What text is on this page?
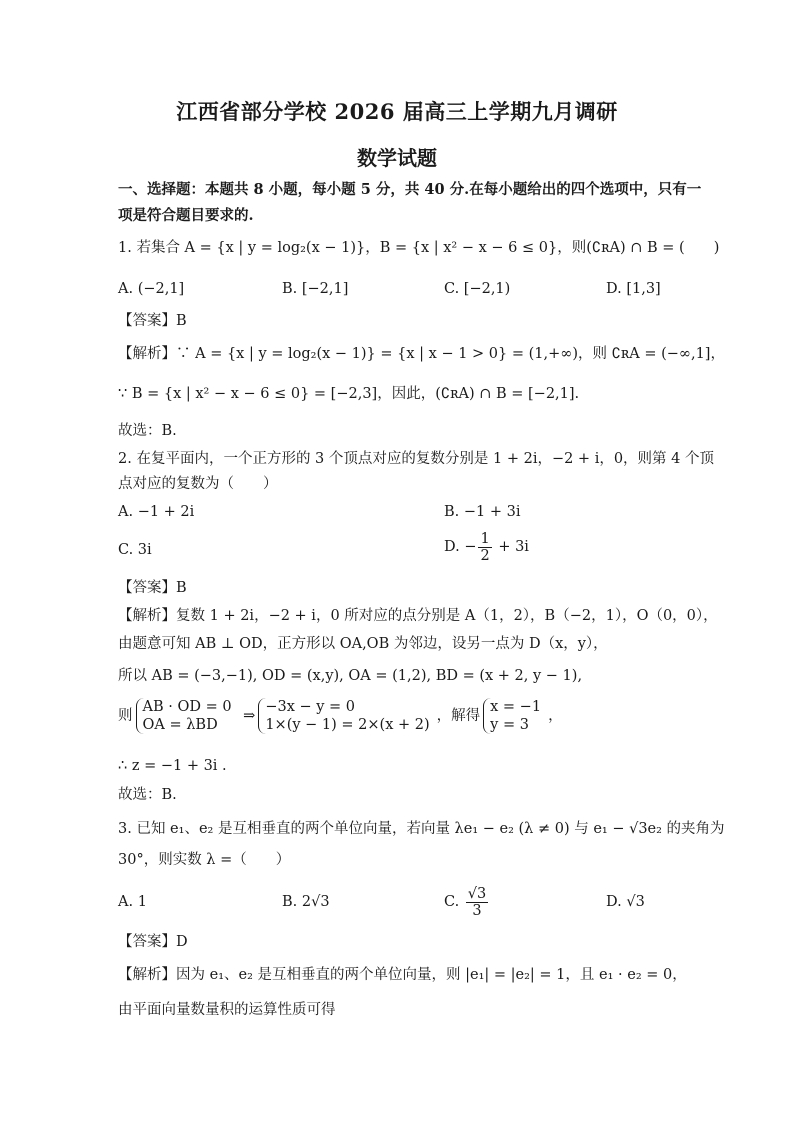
江西省部分学校 2026 届高三上学期九月调研
数学试题
一、选择题：本题共 8 小题，每小题 5 分，共 40 分.在每小题给出的四个选项中，只有一
项是符合题目要求的.
1. 若集合 A = {x | y = log₂(x − 1)}，B = {x | x² − x − 6 ≤ 0}，则(∁ʀA) ∩ B = (　　)
A. (−2,1]	B. [−2,1]	C. [−2,1)	D. [1,3]
【答案】B
【解析】∵ A = {x | y = log₂(x − 1)} = {x | x − 1 > 0} = (1,+∞)，则 ∁ʀA = (−∞,1]，
∵ B = {x | x² − x − 6 ≤ 0} = [−2,3]，因此，(∁ʀA) ∩ B = [−2,1].
故选：B.
2. 在复平面内，一个正方形的 3 个顶点对应的复数分别是 1 + 2i，−2 + i，0，则第 4 个顶
点对应的复数为（　　）
A. −1 + 2i	B. −1 + 3i
C. 3i	D. − $\frac{1}{2} + 3i$
【答案】B
【解析】复数 1 + 2i，−2 + i，0 所对应的点分别是 A（1，2），B（−2，1），O（0，0），
由题意可知 AB ⊥ OD，正方形以 OA,OB 为邻边，设另一点为 D（x，y），
所以 AB = (−3,−1), OD = (x,y), OA = (1,2), BD = (x + 2, y − 1),
则
AB · OD = 0
OA = λBD
⇒
−3x − y = 0
1×(y − 1) = 2×(x + 2)
，解得
x = −1
y = 3
，
∴ z = −1 + 3i .
故选：B.
3. 已知 e₁、e₂ 是互相垂直的两个单位向量，若向量 λe₁ − e₂ (λ ≠ 0) 与 e₁ − √3e₂ 的夹角为
30°，则实数 λ =（　　）
A. 1	B. 2√3	C. $\frac{√3}{3}$	D. √3
【答案】D
【解析】因为 e₁、e₂ 是互相垂直的两个单位向量，则 |e₁| = |e₂| = 1，且 e₁ · e₂ = 0，
由平面向量数量积的运算性质可得
